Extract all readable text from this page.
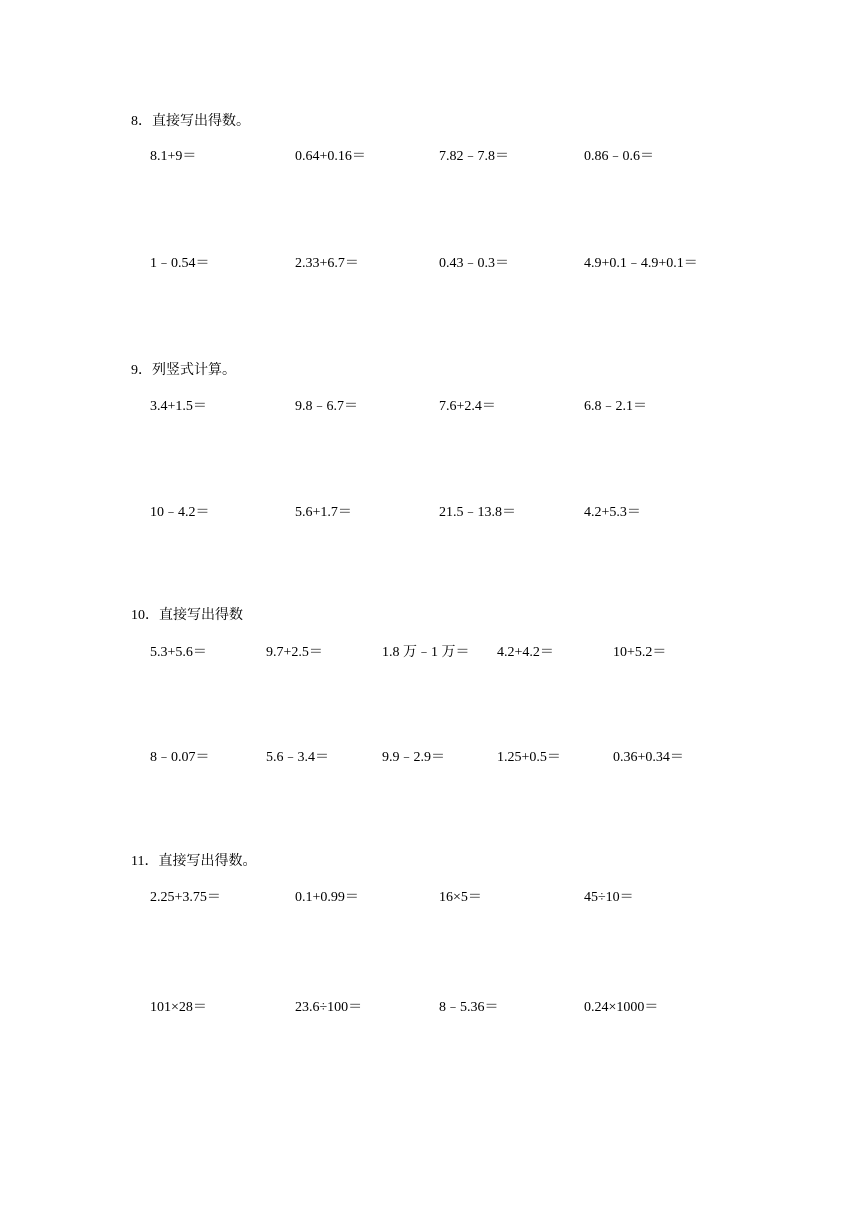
8．直接写出得数。
8.1+9＝	0.64+0.16＝	7.82﹣7.8＝	0.86﹣0.6＝
1﹣0.54＝	2.33+6.7＝	0.43﹣0.3＝	4.9+0.1﹣4.9+0.1＝
9．列竖式计算。
3.4+1.5＝	9.8﹣6.7＝	7.6+2.4＝	6.8﹣2.1＝
10﹣4.2＝	5.6+1.7＝	21.5﹣13.8＝	4.2+5.3＝
10．直接写出得数
5.3+5.6＝	9.7+2.5＝	1.8 万﹣1 万＝ 4.2+4.2＝	10+5.2＝
8﹣0.07＝	5.6﹣3.4＝	9.9﹣2.9＝	1.25+0.5＝	0.36+0.34＝
11．直接写出得数。
2.25+3.75＝	0.1+0.99＝	16×5＝	45÷10＝
101×28＝	23.6÷100＝	8﹣5.36＝	0.24×1000＝
